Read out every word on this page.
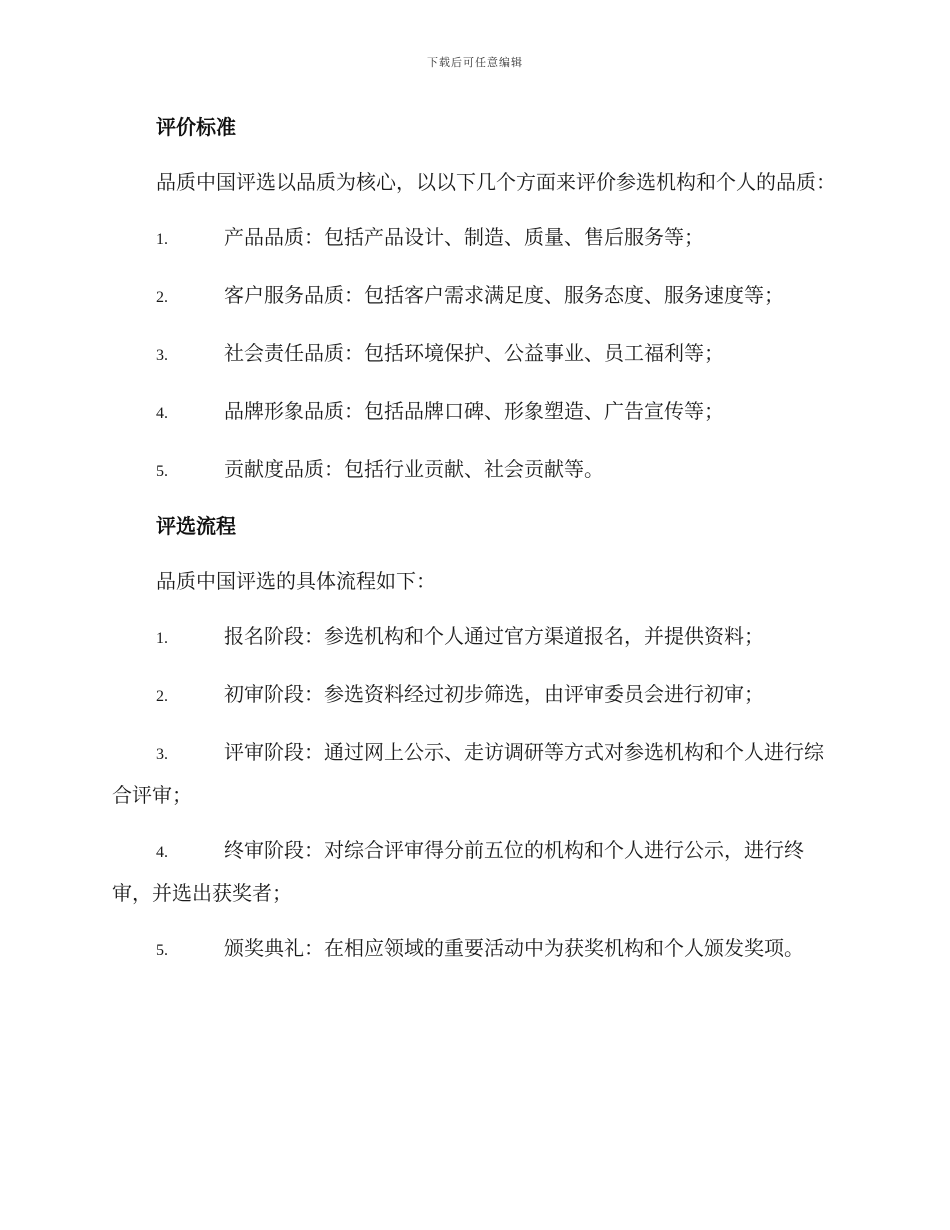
下载后可任意编辑
评价标准

品质中国评选以品质为核心，以以下几个方面来评价参选机构和个人的品质：

1.	产品品质：包括产品设计、制造、质量、售后服务等；
2.	客户服务品质：包括客户需求满足度、服务态度、服务速度等；
3.	社会责任品质：包括环境保护、公益事业、员工福利等；
4.	品牌形象品质：包括品牌口碑、形象塑造、广告宣传等；
5.	贡献度品质：包括行业贡献、社会贡献等。
评选流程

品质中国评选的具体流程如下：

1.	报名阶段：参选机构和个人通过官方渠道报名，并提供资料；
2.	初审阶段：参选资料经过初步筛选，由评审委员会进行初审；
3.	评审阶段：通过网上公示、走访调研等方式对参选机构和个人进行综合评审；
4.	终审阶段：对综合评审得分前五位的机构和个人进行公示，进行终审，并选出获奖者；
5.	颁奖典礼：在相应领域的重要活动中为获奖机构和个人颁发奖项。
